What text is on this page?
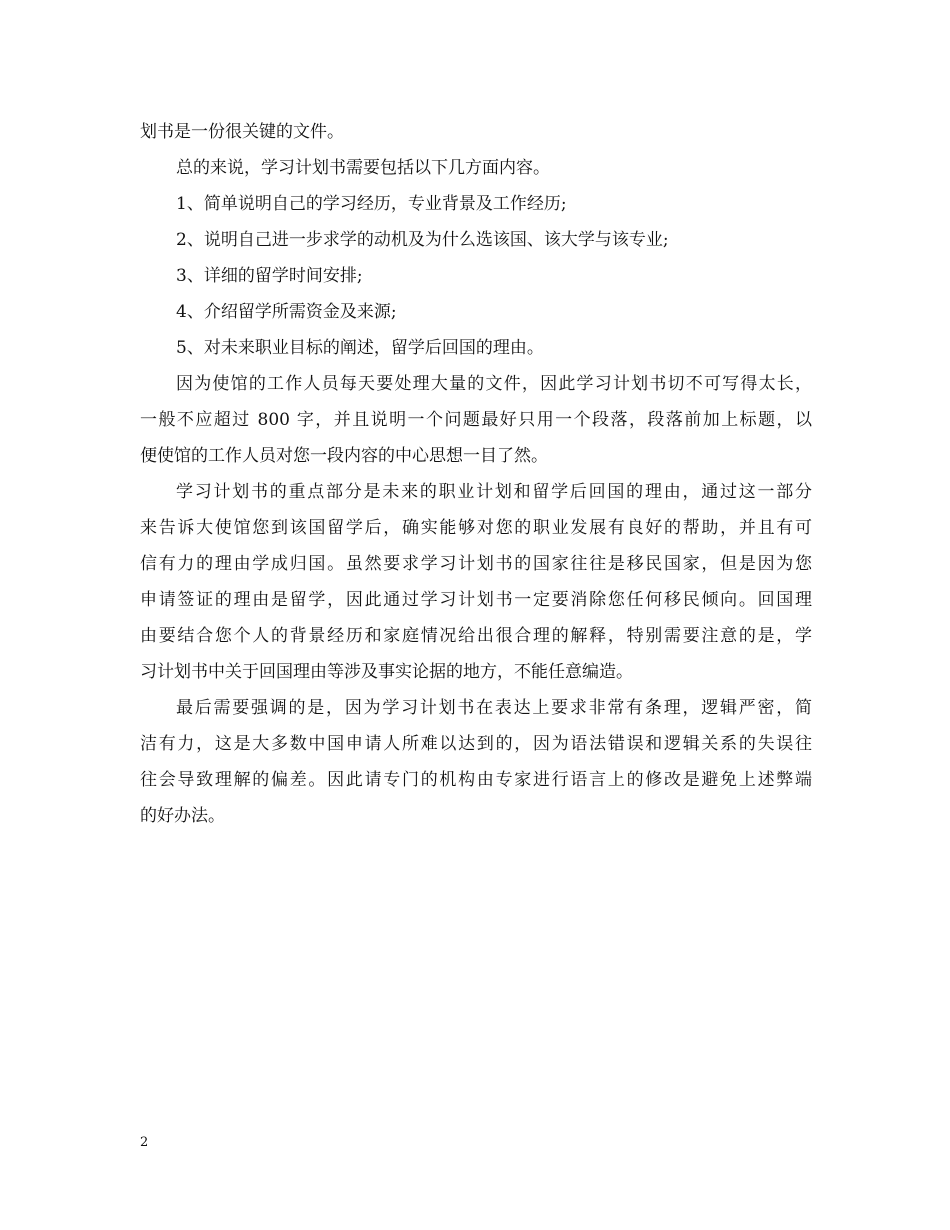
划书是一份很关键的文件。
总的来说，学习计划书需要包括以下几方面内容。
1、简单说明自己的学习经历，专业背景及工作经历;
2、说明自己进一步求学的动机及为什么选该国、该大学与该专业;
3、详细的留学时间安排;
4、介绍留学所需资金及来源;
5、对未来职业目标的阐述，留学后回国的理由。
因为使馆的工作人员每天要处理大量的文件，因此学习计划书切不可写得太长，
一般不应超过 800 字，并且说明一个问题最好只用一个段落，段落前加上标题，以
便使馆的工作人员对您一段内容的中心思想一目了然。
学习计划书的重点部分是未来的职业计划和留学后回国的理由，通过这一部分
来告诉大使馆您到该国留学后，确实能够对您的职业发展有良好的帮助，并且有可
信有力的理由学成归国。虽然要求学习计划书的国家往往是移民国家，但是因为您
申请签证的理由是留学，因此通过学习计划书一定要消除您任何移民倾向。回国理
由要结合您个人的背景经历和家庭情况给出很合理的解释，特别需要注意的是，学
习计划书中关于回国理由等涉及事实论据的地方，不能任意编造。
最后需要强调的是，因为学习计划书在表达上要求非常有条理，逻辑严密，简
洁有力，这是大多数中国申请人所难以达到的，因为语法错误和逻辑关系的失误往
往会导致理解的偏差。因此请专门的机构由专家进行语言上的修改是避免上述弊端
的好办法。
2
